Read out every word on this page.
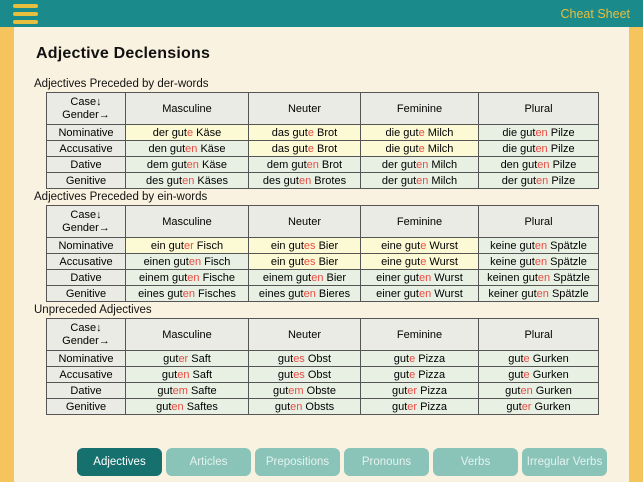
Cheat Sheet
Adjective Declensions
Adjectives Preceded by der-words
Case↓
Gender→	Masculine	Neuter	Feminine	Plural
Nominative	der gute Käse	das gute Brot	die gute Milch	die guten Pilze
Accusative	den guten Käse	das gute Brot	die gute Milch	die guten Pilze
Dative	dem guten Käse	dem guten Brot	der guten Milch	den guten Pilze
Genitive	des guten Käses	des guten Brotes	der guten Milch	der guten Pilze
Adjectives Preceded by ein-words
Case↓
Gender→	Masculine	Neuter	Feminine	Plural
Nominative	ein guter Fisch	ein gutes Bier	eine gute Wurst	keine guten Spätzle
Accusative	einen guten Fisch	ein gutes Bier	eine gute Wurst	keine guten Spätzle
Dative	einem guten Fische	einem guten Bier	einer guten Wurst	keinen guten Spätzle
Genitive	eines guten Fisches	eines guten Bieres	einer guten Wurst	keiner guten Spätzle
Unpreceded Adjectives
Case↓
Gender→	Masculine	Neuter	Feminine	Plural
Nominative	guter Saft	gutes Obst	gute Pizza	gute Gurken
Accusative	guten Saft	gutes Obst	gute Pizza	gute Gurken
Dative	gutem Safte	gutem Obste	guter Pizza	guten Gurken
Genitive	guten Saftes	guten Obsts	guter Pizza	guter Gurken
Adjectives	Articles	Prepositions	Pronouns	Verbs	Irregular Verbs
